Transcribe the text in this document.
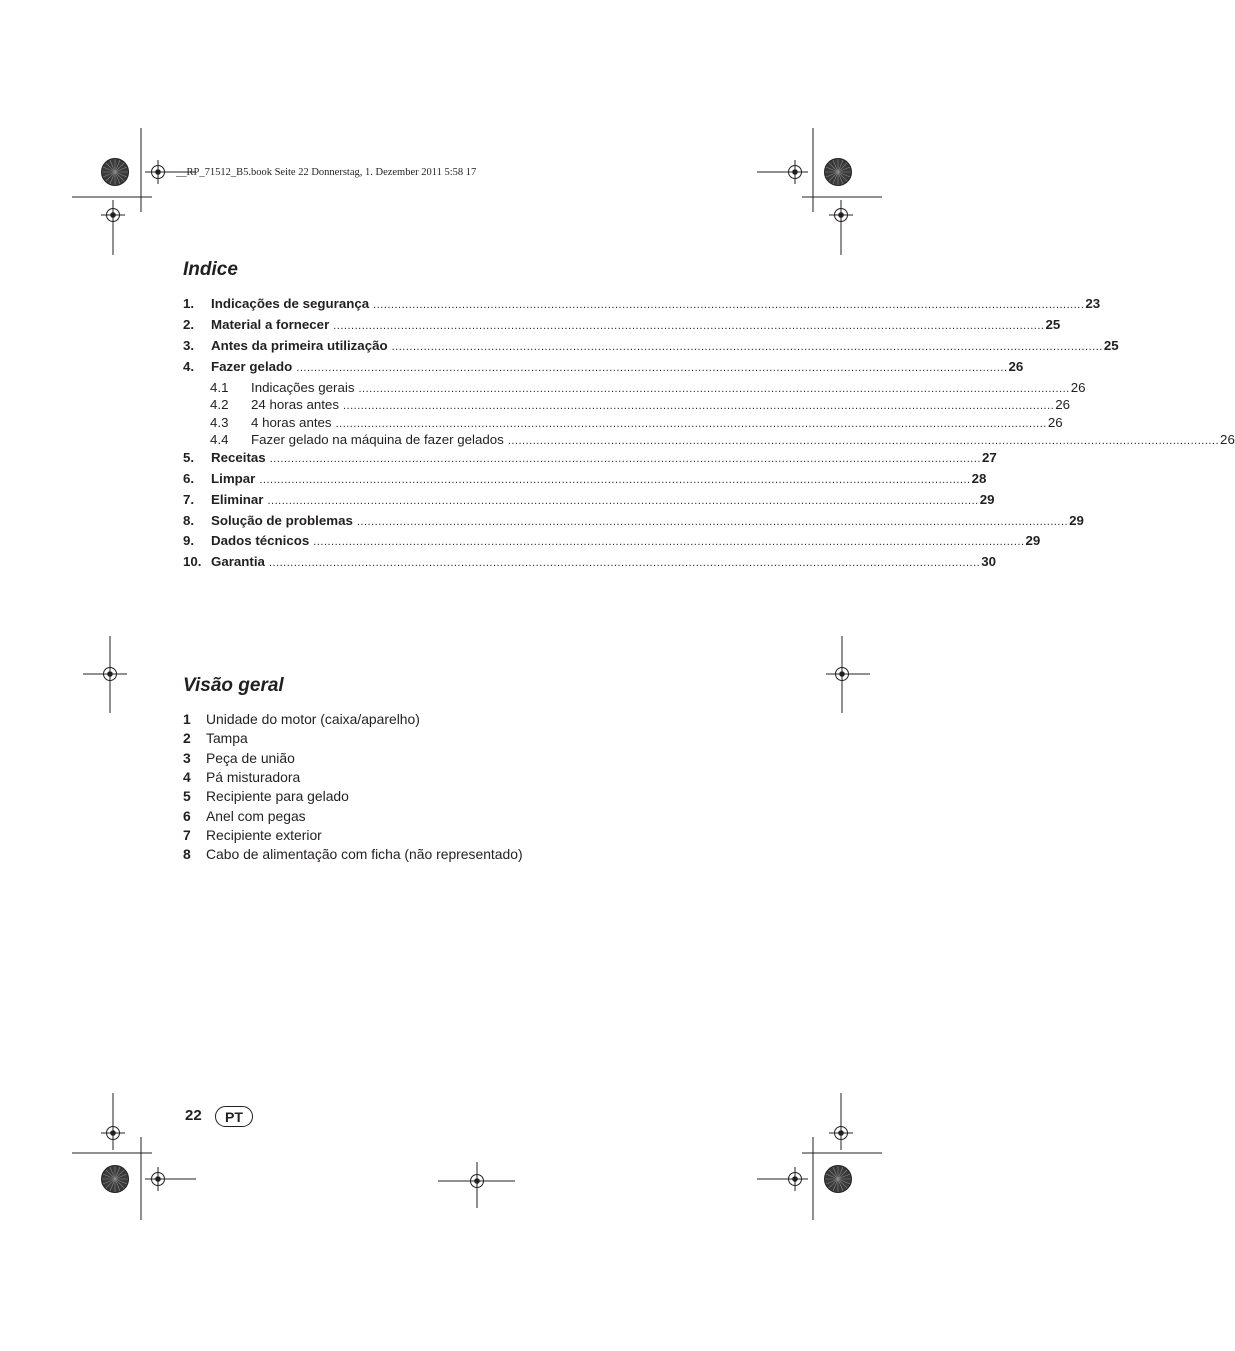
__RP_71512_B5.book Seite 22 Donnerstag, 1. Dezember 2011 5:58 17
Indice
1.	Indicações de segurança ........................................................................................................................................................................................................ 23
2.	Material a fornecer ........................................................................................................................................................................................................ 25
3.	Antes da primeira utilização ........................................................................................................................................................................................................ 25
4.	Fazer gelado ........................................................................................................................................................................................................ 26
4.1	Indicações gerais ........................................................................................................................................................................................................ 26
4.2	24 horas antes ........................................................................................................................................................................................................ 26
4.3	4 horas antes ........................................................................................................................................................................................................ 26
4.4	Fazer gelado na máquina de fazer gelados ........................................................................................................................................................................................................ 26
5.	Receitas ........................................................................................................................................................................................................ 27
6.	Limpar ........................................................................................................................................................................................................ 28
7.	Eliminar ........................................................................................................................................................................................................ 29
8.	Solução de problemas ........................................................................................................................................................................................................ 29
9.	Dados técnicos ........................................................................................................................................................................................................ 29
10. Garantia ........................................................................................................................................................................................................ 30
Visão geral
1 Unidade do motor (caixa/aparelho)
2 Tampa
3 Peça de união
4 Pá misturadora
5 Recipiente para gelado
6 Anel com pegas
7 Recipiente exterior
8 Cabo de alimentação com ficha (não representado)
22	PT
